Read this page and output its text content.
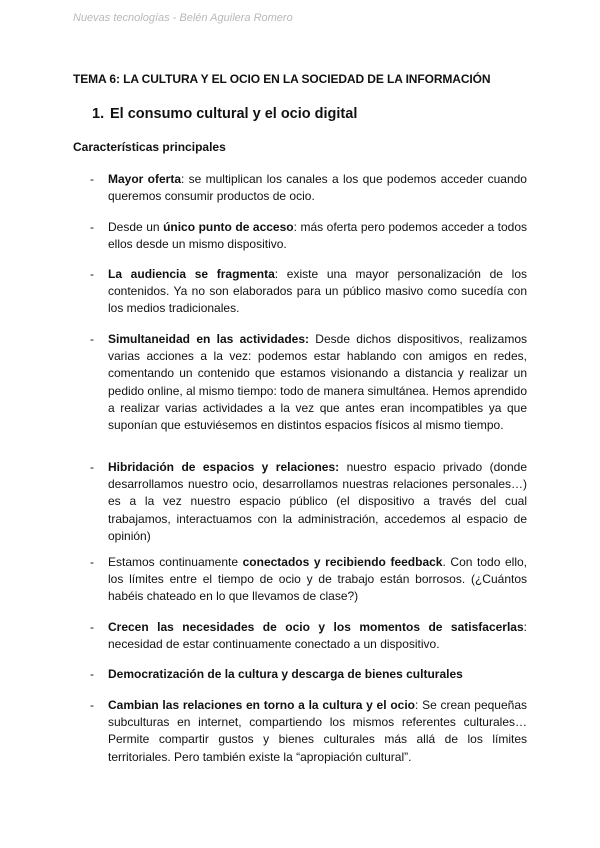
Nuevas tecnologías - Belén Aguilera Romero
TEMA 6: LA CULTURA Y EL OCIO EN LA SOCIEDAD DE LA INFORMACIÓN
1. El consumo cultural y el ocio digital
Características principales
- Mayor oferta: se multiplican los canales a los que podemos acceder cuando queremos consumir productos de ocio.
- Desde un único punto de acceso: más oferta pero podemos acceder a todos ellos desde un mismo dispositivo.
- La audiencia se fragmenta: existe una mayor personalización de los contenidos. Ya no son elaborados para un público masivo como sucedía con los medios tradicionales.
- Simultaneidad en las actividades: Desde dichos dispositivos, realizamos varias acciones a la vez: podemos estar hablando con amigos en redes, comentando un contenido que estamos visionando a distancia y realizar un pedido online, al mismo tiempo: todo de manera simultánea. Hemos aprendido a realizar varias actividades a la vez que antes eran incompatibles ya que suponían que estuviésemos en distintos espacios físicos al mismo tiempo.
- Hibridación de espacios y relaciones: nuestro espacio privado (donde desarrollamos nuestro ocio, desarrollamos nuestras relaciones personales…) es a la vez nuestro espacio público (el dispositivo a través del cual trabajamos, interactuamos con la administración, accedemos al espacio de opinión)
- Estamos continuamente conectados y recibiendo feedback. Con todo ello, los límites entre el tiempo de ocio y de trabajo están borrosos. (¿Cuántos habéis chateado en lo que llevamos de clase?)
- Crecen las necesidades de ocio y los momentos de satisfacerlas: necesidad de estar continuamente conectado a un dispositivo.
- Democratización de la cultura y descarga de bienes culturales
- Cambian las relaciones en torno a la cultura y el ocio: Se crean pequeñas subculturas en internet, compartiendo los mismos referentes culturales… Permite compartir gustos y bienes culturales más allá de los límites territoriales. Pero también existe la “apropiación cultural”.
